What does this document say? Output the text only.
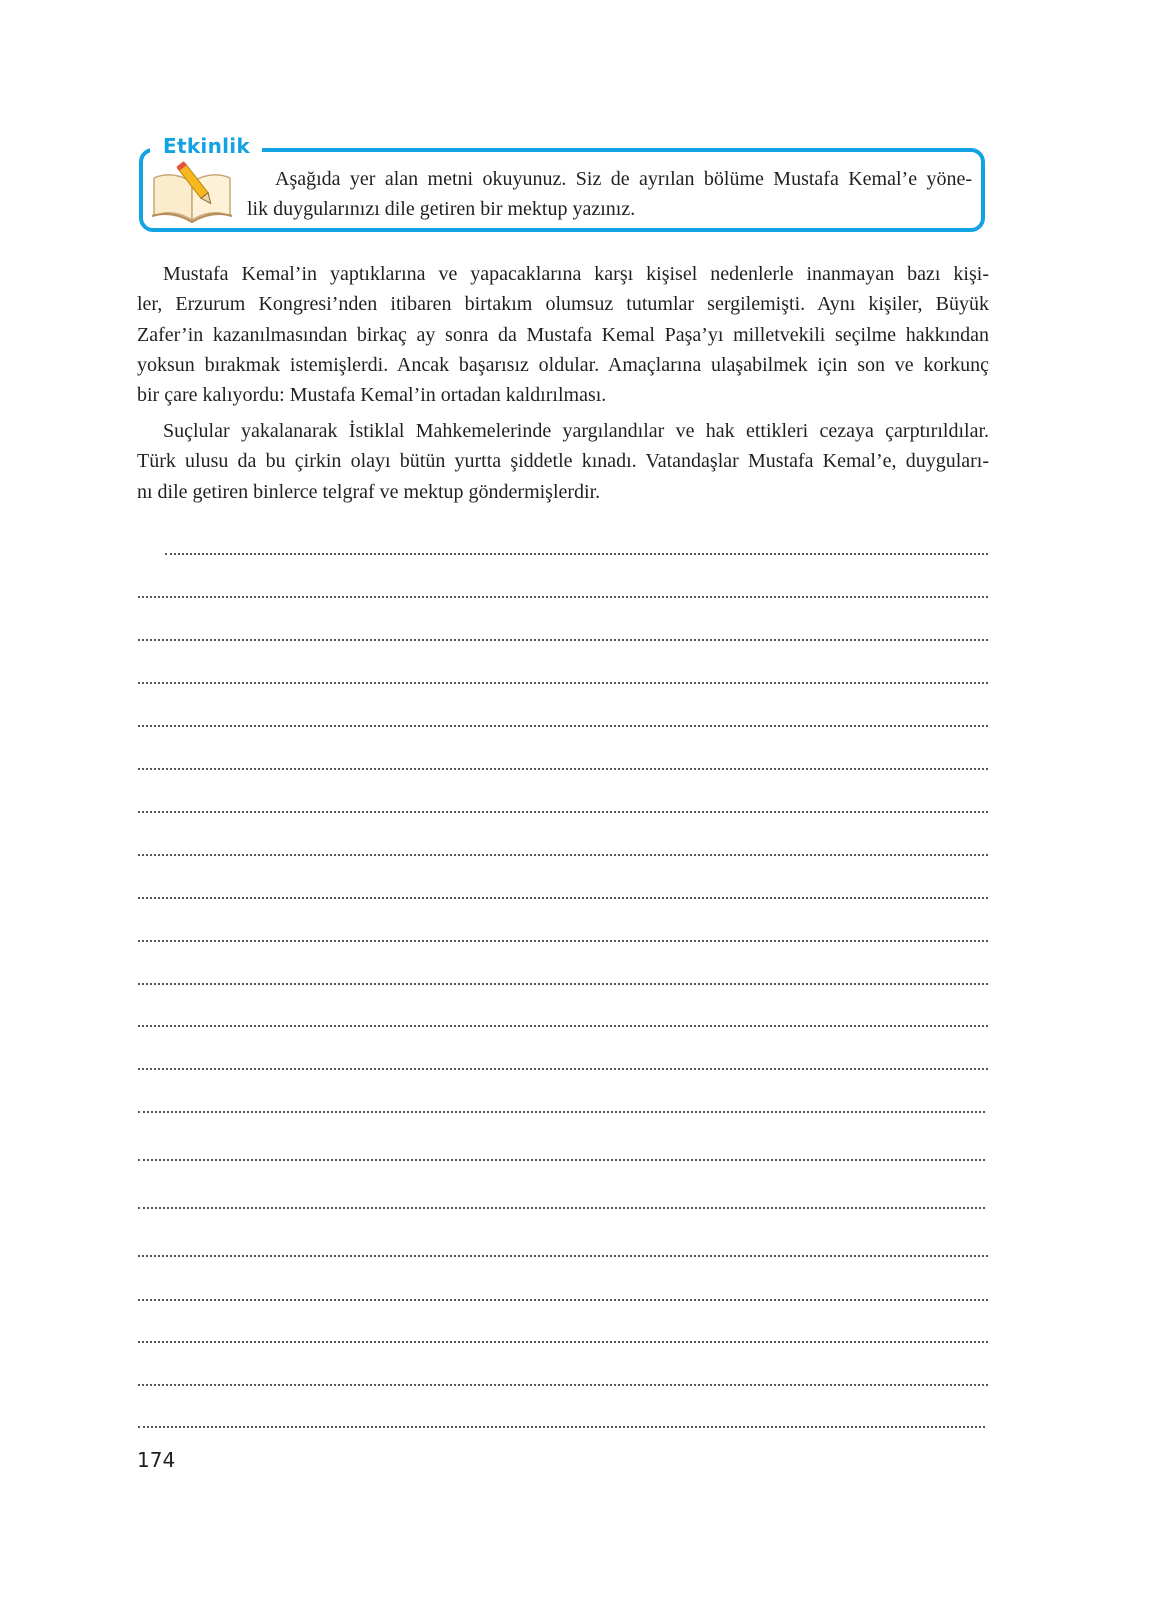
Etkinlik
Aşağıda yer alan metni okuyunuz. Siz de ayrılan bölüme Mustafa Kemal’e yöne-
lik duygularınızı dile getiren bir mektup yazınız.
Mustafa Kemal’in yaptıklarına ve yapacaklarına karşı kişisel nedenlerle inanmayan bazı kişi-
ler, Erzurum Kongresi’nden itibaren birtakım olumsuz tutumlar sergilemişti. Aynı kişiler, Büyük
Zafer’in kazanılmasından birkaç ay sonra da Mustafa Kemal Paşa’yı milletvekili seçilme hakkından
yoksun bırakmak istemişlerdi. Ancak başarısız oldular. Amaçlarına ulaşabilmek için son ve korkunç
bir çare kalıyordu: Mustafa Kemal’in ortadan kaldırılması.
Suçlular yakalanarak İstiklal Mahkemelerinde yargılandılar ve hak ettikleri cezaya çarptırıldılar.
Türk ulusu da bu çirkin olayı bütün yurtta şiddetle kınadı. Vatandaşlar Mustafa Kemal’e, duyguları-
nı dile getiren binlerce telgraf ve mektup göndermişlerdir.
174
